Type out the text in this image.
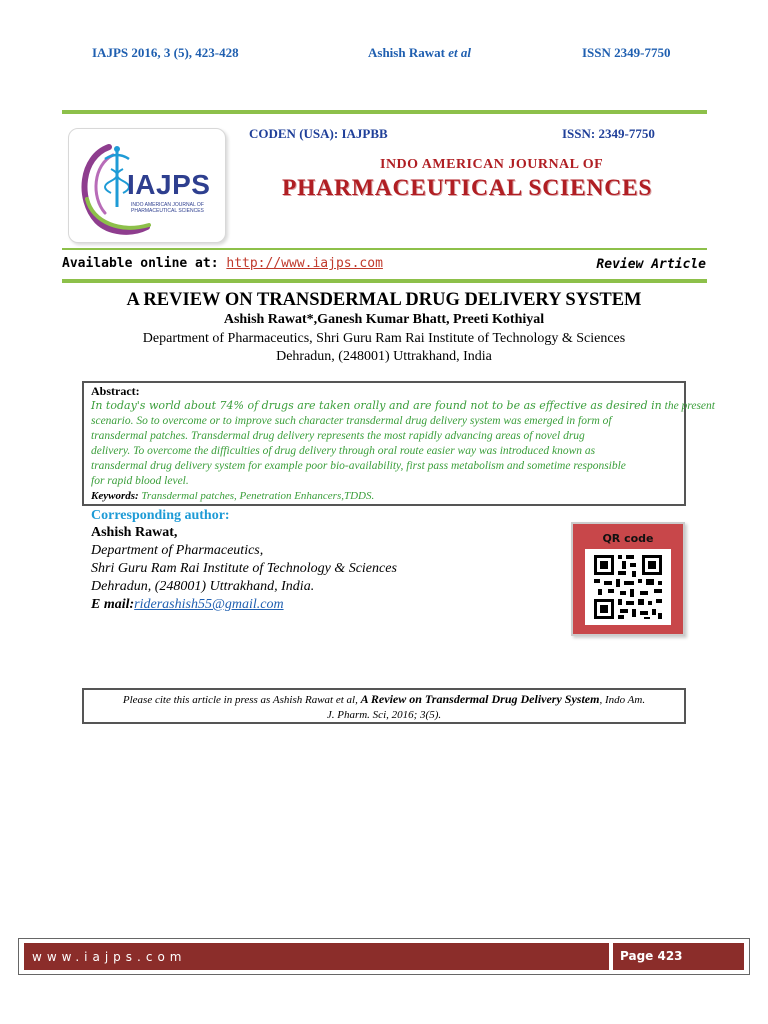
IAJPS 2016, 3 (5), 423-428	Ashish Rawat et al	ISSN 2349-7750
IAJPS
INDO AMERICAN JOURNAL OF
PHARMACEUTICAL SCIENCES
CODEN (USA): IAJPBB	ISSN: 2349-7750
INDO AMERICAN JOURNAL OF
PHARMACEUTICAL SCIENCES
Available online at: http://www.iajps.com	Review Article
A REVIEW ON TRANSDERMAL DRUG DELIVERY SYSTEM
Ashish Rawat*,Ganesh Kumar Bhatt, Preeti Kothiyal
Department of Pharmaceutics, Shri Guru Ram Rai Institute of Technology & Sciences
Dehradun, (248001) Uttrakhand, India
Abstract:
In today's world about 74% of drugs are taken orally and are found not to be as effective as desired in the present
scenario. So to overcome or to improve such character transdermal drug delivery system was emerged in form of
transdermal patches. Transdermal drug delivery represents the most rapidly advancing areas of novel drug
delivery. To overcome the difficulties of drug delivery through oral route easier way was introduced known as
transdermal drug delivery system for example poor bio-availability, first pass metabolism and sometime responsible
for rapid blood level.
Keywords: Transdermal patches, Penetration Enhancers,TDDS.
Corresponding author:
Ashish Rawat,
Department of Pharmaceutics,
Shri Guru Ram Rai Institute of Technology & Sciences
Dehradun, (248001) Uttrakhand, India.
E mail:riderashish55@gmail.com
QR code
Please cite this article in press as Ashish Rawat et al, A Review on Transdermal Drug Delivery System, Indo Am.
J. Pharm. Sci, 2016; 3(5).
www.iajps.com	Page 423
